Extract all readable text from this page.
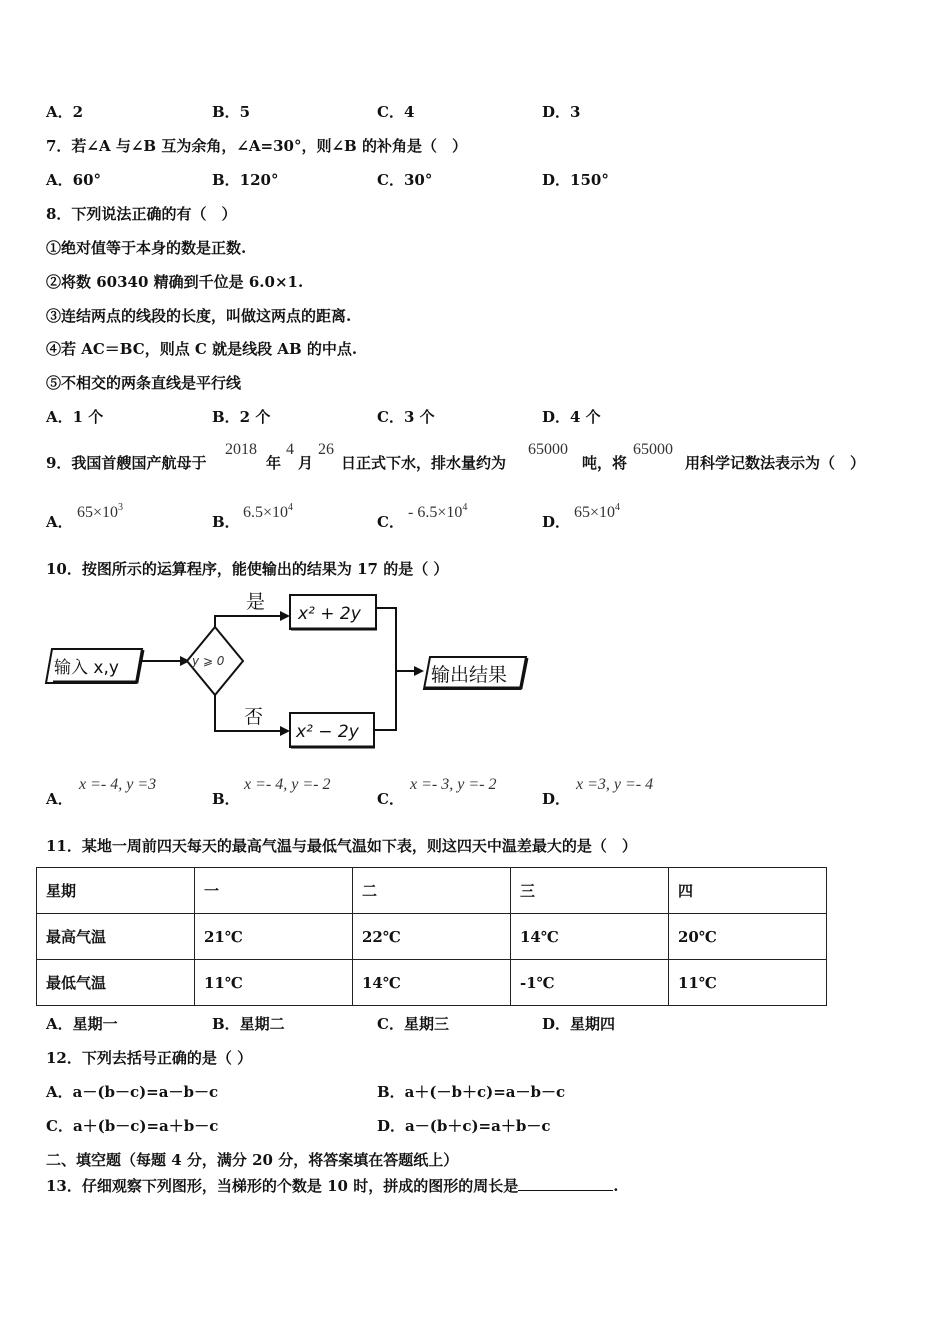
A．2	B．5	C．4	D．3
7．若∠A 与∠B 互为余角，∠A=30°，则∠B 的补角是（　）
A．60°	B．120°	C．30°	D．150°
8．下列说法正确的有（　）
①绝对值等于本身的数是正数.
②将数 60340 精确到千位是 6.0×1.
③连结两点的线段的长度，叫做这两点的距离.
④若 AC＝BC，则点 C 就是线段 AB 的中点.
⑤不相交的两条直线是平行线
A．1 个	B．2 个	C．3 个	D．4 个
9．我国首艘国产航母于
2018
年
4
月
26
日正式下水，排水量约为
65000
吨，将
65000
用科学记数法表示为（　）
A．
$65\times 10^3$
B．
$6.5\times 10^4$
C．
- $6.5\times 10^4$
D．
$65\times 10^4$
10．按图所示的运算程序，能使输出的结果为 17 的是（ ）
输入 x,y	y ⩾ 0
是
x² + 2y
否
x² − 2y
输出结果
A．
x =- 4, y =3
B．
x =- 4, y =- 2
C．
x =- 3, y =- 2
D．
x =3, y =- 4
11．某地一周前四天每天的最高气温与最低气温如下表，则这四天中温差最大的是（　）
星期	一	二	三	四
最高气温	21℃	22℃	14℃	20℃
最低气温	11℃	14℃	-1℃	11℃
A．星期一	B．星期二	C．星期三	D．星期四
12．下列去括号正确的是（ ）
A．a－(b－c)=a－b－c	B．a＋(－b＋c)=a－b－c
C．a＋(b－c)=a＋b－c	D．a－(b＋c)=a＋b－c
二、填空题（每题 4 分，满分 20 分，将答案填在答题纸上）
13．仔细观察下列图形，当梯形的个数是 10 时，拼成的图形的周长是	.
